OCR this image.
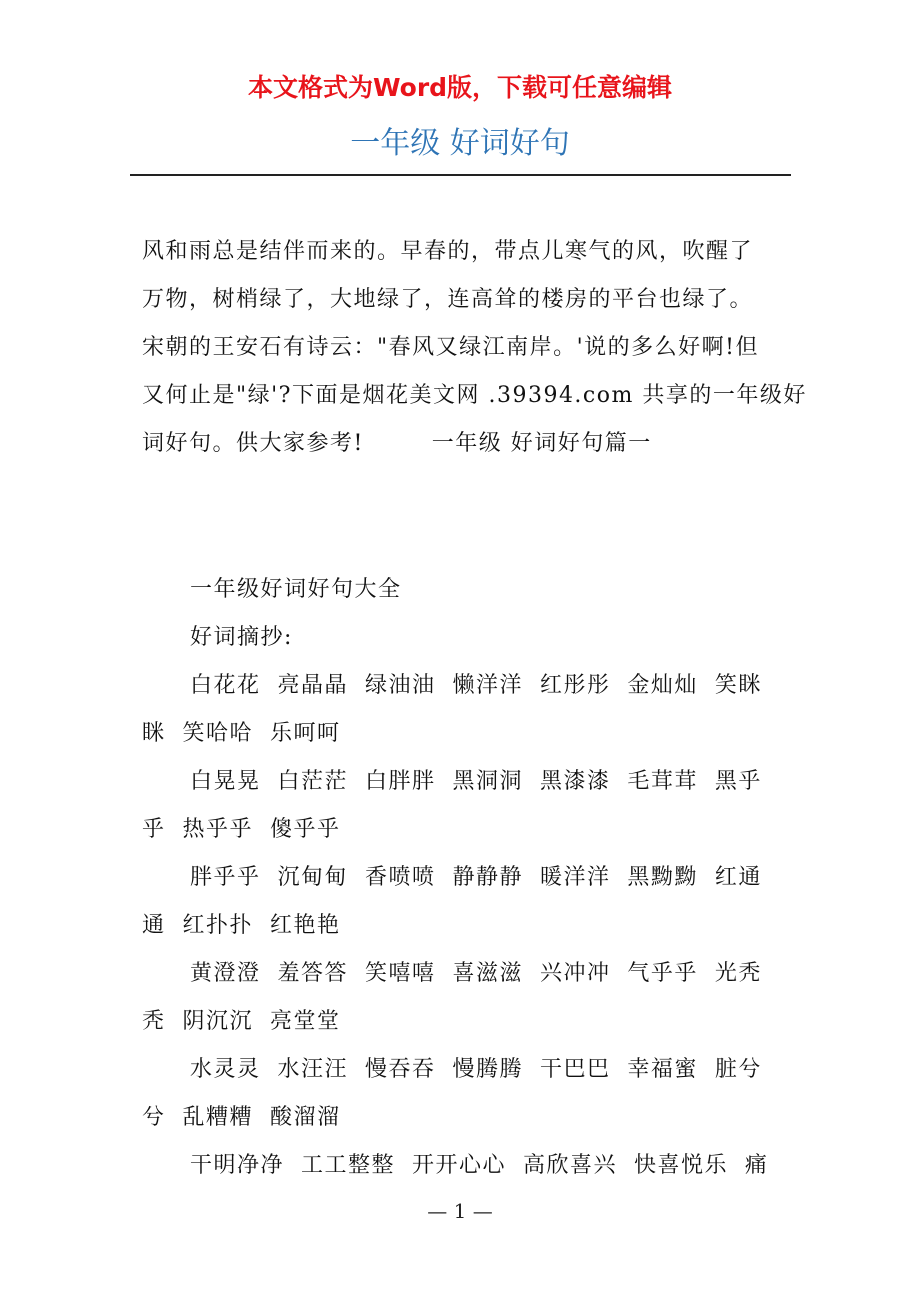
本文格式为Word版，下载可任意编辑
一年级 好词好句
风和雨总是结伴而来的。早春的，带点儿寒气的风，吹醒了
万物，树梢绿了，大地绿了，连高耸的楼房的平台也绿了。
宋朝的王安石有诗云："春风又绿江南岸。'说的多么好啊!但
又何止是"绿'?下面是烟花美文网 .39394.com 共享的一年级好
词好句。供大家参考!        一年级 好词好句篇一
一年级好词好句大全
好词摘抄:
白花花  亮晶晶  绿油油  懒洋洋  红彤彤  金灿灿  笑眯
眯  笑哈哈  乐呵呵
白晃晃  白茫茫  白胖胖  黑洞洞  黑漆漆  毛茸茸  黑乎
乎  热乎乎  傻乎乎
胖乎乎  沉甸甸  香喷喷  静静静  暖洋洋  黑黝黝  红通
通  红扑扑  红艳艳
黄澄澄  羞答答  笑嘻嘻  喜滋滋  兴冲冲  气乎乎  光秃
秃  阴沉沉  亮堂堂
水灵灵  水汪汪  慢吞吞  慢腾腾  干巴巴  幸福蜜  脏兮
兮  乱糟糟  酸溜溜
干明净净  工工整整  开开心心  高欣喜兴  快喜悦乐  痛
— 1 —
